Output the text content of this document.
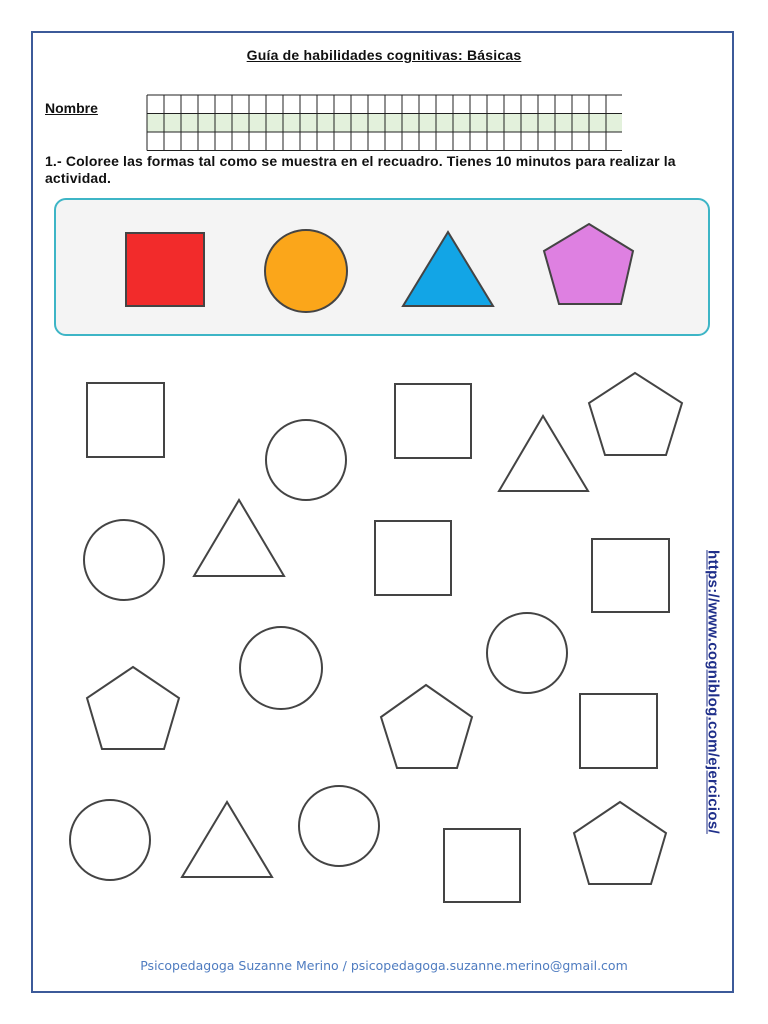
Guía de habilidades cognitivas: Básicas
Nombre
1.- Coloree las formas tal como se muestra en el recuadro. Tienes 10 minutos para realizar la actividad.
https://www.cogniblog.com/ejercicios/
Psicopedagoga Suzanne Merino / psicopedagoga.suzanne.merino@gmail.com
